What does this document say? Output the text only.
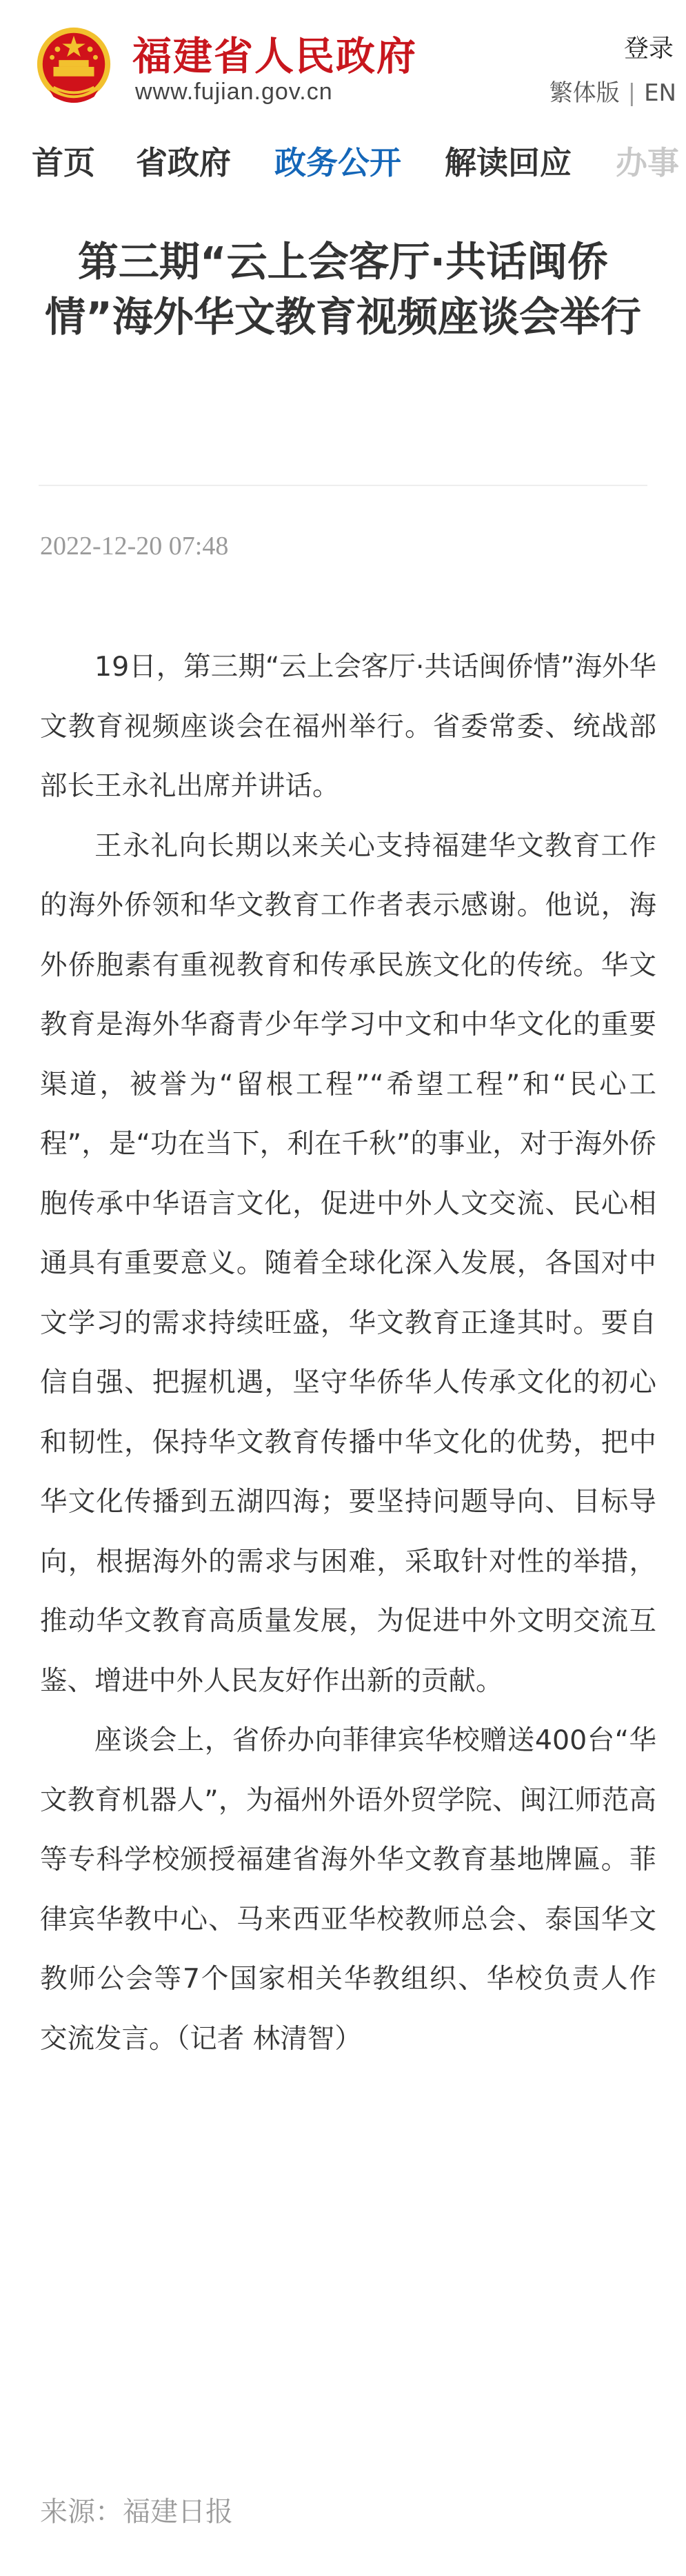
福建省人民政府
www.fujian.gov.cn
登录
繁体版 | EN
首页 省政府 政务公开 解读回应 办事
第三期“云上会客厅·共话闽侨情”海外华文教育视频座谈会举行
2022-12-20 07:48

19日，第三期“云上会客厅·共话闽侨情”海外华文教育视频座谈会在福州举行。省委常委、统战部部长王永礼出席并讲话。

王永礼向长期以来关心支持福建华文教育工作的海外侨领和华文教育工作者表示感谢。他说，海外侨胞素有重视教育和传承民族文化的传统。华文教育是海外华裔青少年学习中文和中华文化的重要渠道，被誉为“留根工程”“希望工程”和“民心工程”，是“功在当下，利在千秋”的事业，对于海外侨胞传承中华语言文化，促进中外人文交流、民心相通具有重要意义。随着全球化深入发展，各国对中文学习的需求持续旺盛，华文教育正逢其时。要自信自强、把握机遇，坚守华侨华人传承文化的初心和韧性，保持华文教育传播中华文化的优势，把中华文化传播到五湖四海；要坚持问题导向、目标导向，根据海外的需求与困难，采取针对性的举措，推动华文教育高质量发展，为促进中外文明交流互鉴、增进中外人民友好作出新的贡献。

座谈会上，省侨办向菲律宾华校赠送400台“华文教育机器人”，为福州外语外贸学院、闽江师范高等专科学校颁授福建省海外华文教育基地牌匾。菲律宾华教中心、马来西亚华校教师总会、泰国华文教师公会等7个国家相关华教组织、华校负责人作交流发言。（记者 林清智）

来源：福建日报
